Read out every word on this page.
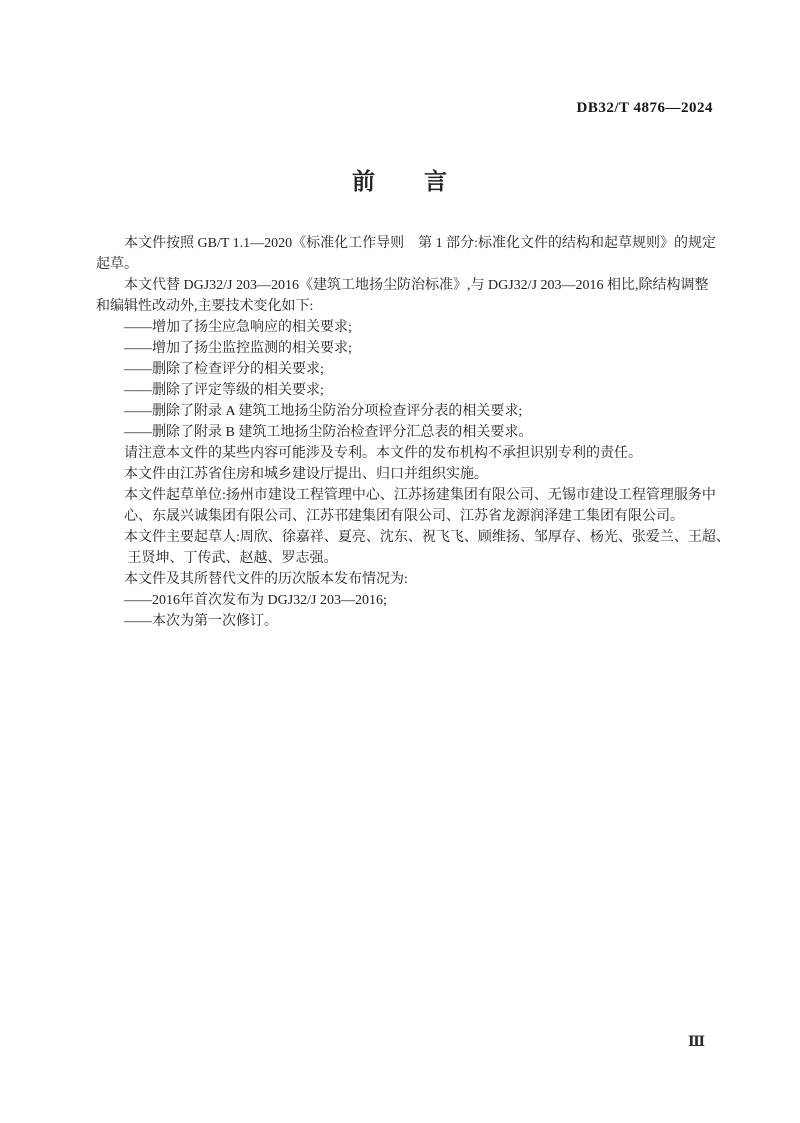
DB32/T 4876—2024
前　　言
本文件按照 GB/T 1.1—2020《标准化工作导则　第 1 部分:标准化文件的结构和起草规则》的规定
起草。
本文代替 DGJ32/J 203—2016《建筑工地扬尘防治标准》,与 DGJ32/J 203—2016 相比,除结构调整
和编辑性改动外,主要技术变化如下:
——增加了扬尘应急响应的相关要求;
——增加了扬尘监控监测的相关要求;
——删除了检查评分的相关要求;
——删除了评定等级的相关要求;
——删除了附录 A 建筑工地扬尘防治分项检查评分表的相关要求;
——删除了附录 B 建筑工地扬尘防治检查评分汇总表的相关要求。
请注意本文件的某些内容可能涉及专利。本文件的发布机构不承担识别专利的责任。
本文件由江苏省住房和城乡建设厅提出、归口并组织实施。
本文件起草单位:扬州市建设工程管理中心、江苏扬建集团有限公司、无锡市建设工程管理服务中
心、东晟兴诚集团有限公司、江苏邗建集团有限公司、江苏省龙源润泽建工集团有限公司。
本文件主要起草人:周欣、徐嘉祥、夏亮、沈东、祝飞飞、顾维扬、邹厚存、杨光、张爱兰、王超、
王贤坤、丁传武、赵越、罗志强。
本文件及其所替代文件的历次版本发布情况为:
——2016年首次发布为 DGJ32/J 203—2016;
——本次为第一次修订。
Ⅲ
